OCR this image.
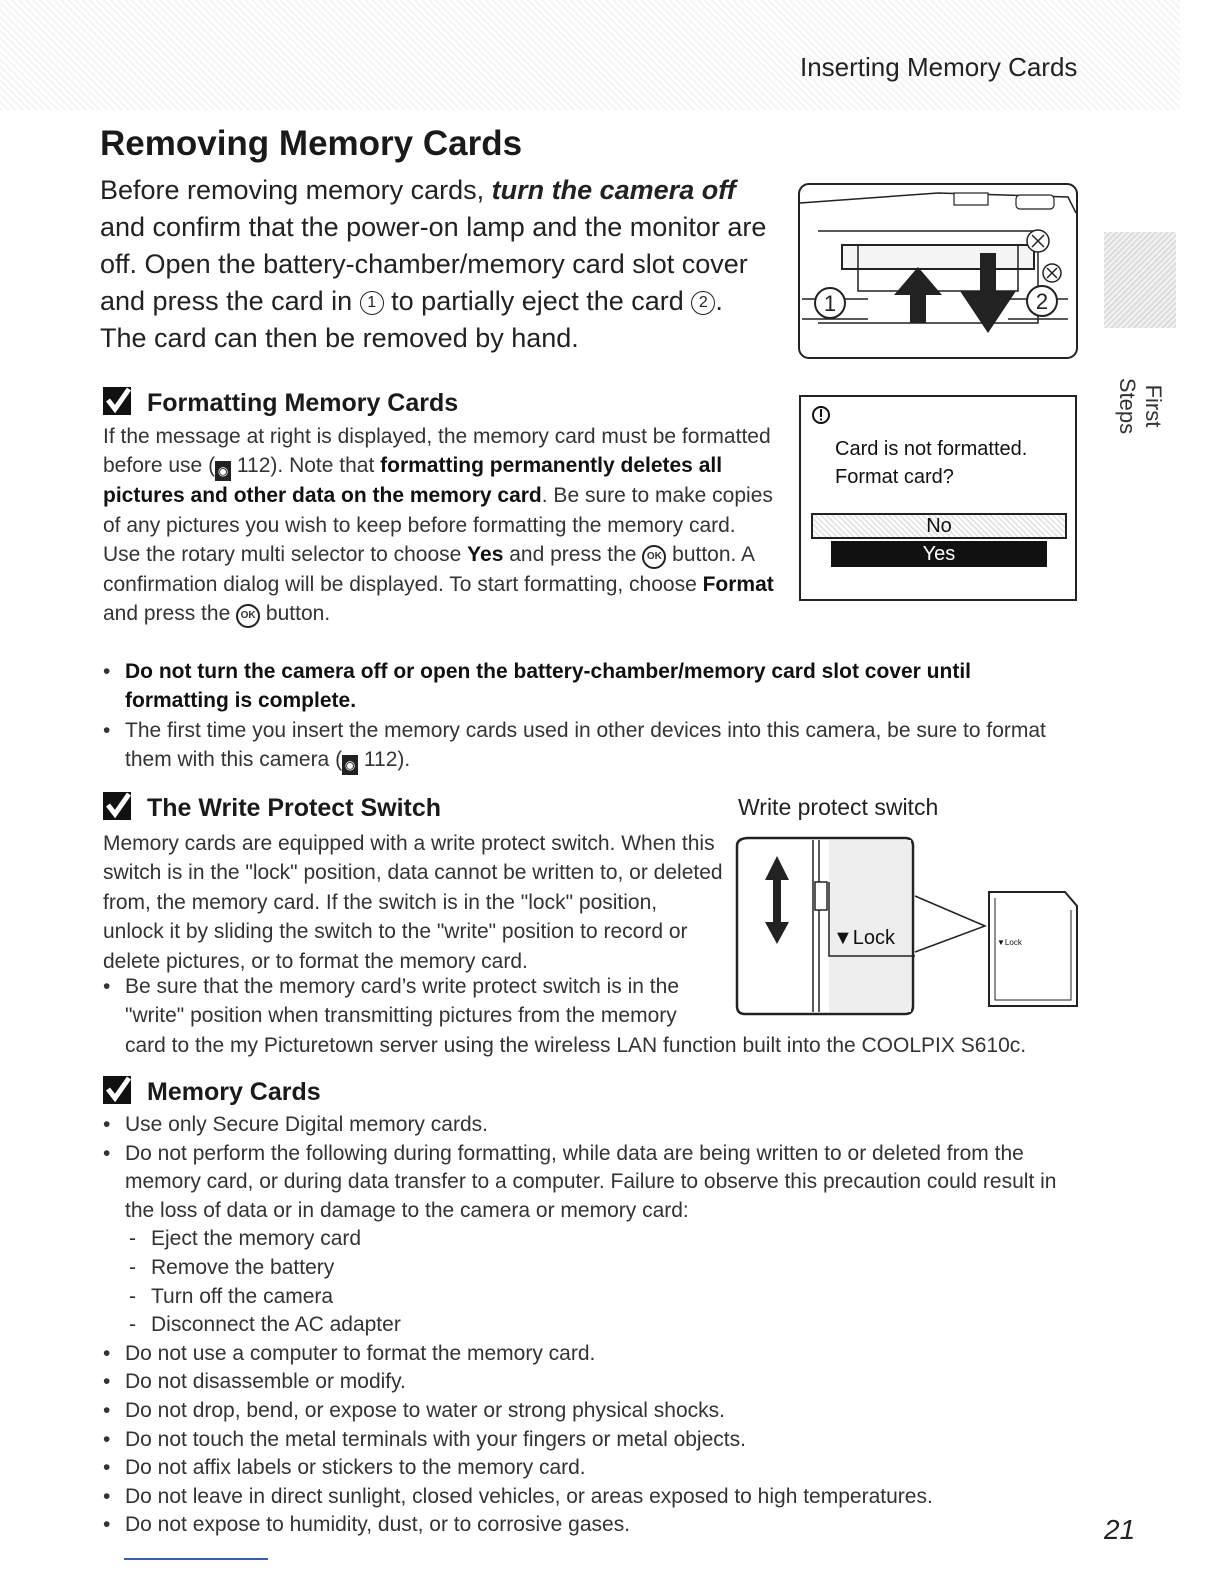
Inserting Memory Cards
First Steps
Removing Memory Cards

Before removing memory cards, turn the camera off and confirm that the power-on lamp and the monitor are off. Open the battery-chamber/memory card slot cover and press the card in 1 to partially eject the card 2 . The card can then be removed by hand.

1	2
Formatting Memory Cards

If the message at right is displayed, the memory card must be formatted before use ( ◉ 112). Note that formatting permanently deletes all pictures and other data on the memory card. Be sure to make copies of any pictures you wish to keep before formatting the memory card.

Use the rotary multi selector to choose Yes and press the OK button. A confirmation dialog will be displayed. To start formatting, choose Format and press the OK button.

Card is not formatted.
Format card?
No
Yes
• Do not turn the camera off or open the battery-chamber/memory card slot cover until formatting is complete.
• The first time you insert the memory cards used in other devices into this camera, be sure to format them with this camera ( ◉ 112).
The Write Protect Switch

Memory cards are equipped with a write protect switch. When this switch is in the "lock" position, data cannot be written to, or deleted from, the memory card. If the switch is in the "lock" position, unlock it by sliding the switch to the "write" position to record or delete pictures, or to format the memory card.

Write protect switch
• Be sure that the memory card’s write protect switch is in the "write" position when transmitting pictures from the memory
card to the my Picturetown server using the wireless LAN function built into the COOLPIX S610c.
▼Lock	▼Lock
Memory Cards
• Use only Secure Digital memory cards.
• Do not perform the following during formatting, while data are being written to or deleted from the memory card, or during data transfer to a computer. Failure to observe this precaution could result in the loss of data or in damage to the camera or memory card:
- Eject the memory card
- Remove the battery
- Turn off the camera
- Disconnect the AC adapter
• Do not use a computer to format the memory card.
• Do not disassemble or modify.
• Do not drop, bend, or expose to water or strong physical shocks.
• Do not touch the metal terminals with your fingers or metal objects.
• Do not affix labels or stickers to the memory card.
• Do not leave in direct sunlight, closed vehicles, or areas exposed to high temperatures.
• Do not expose to humidity, dust, or to corrosive gases.	21
